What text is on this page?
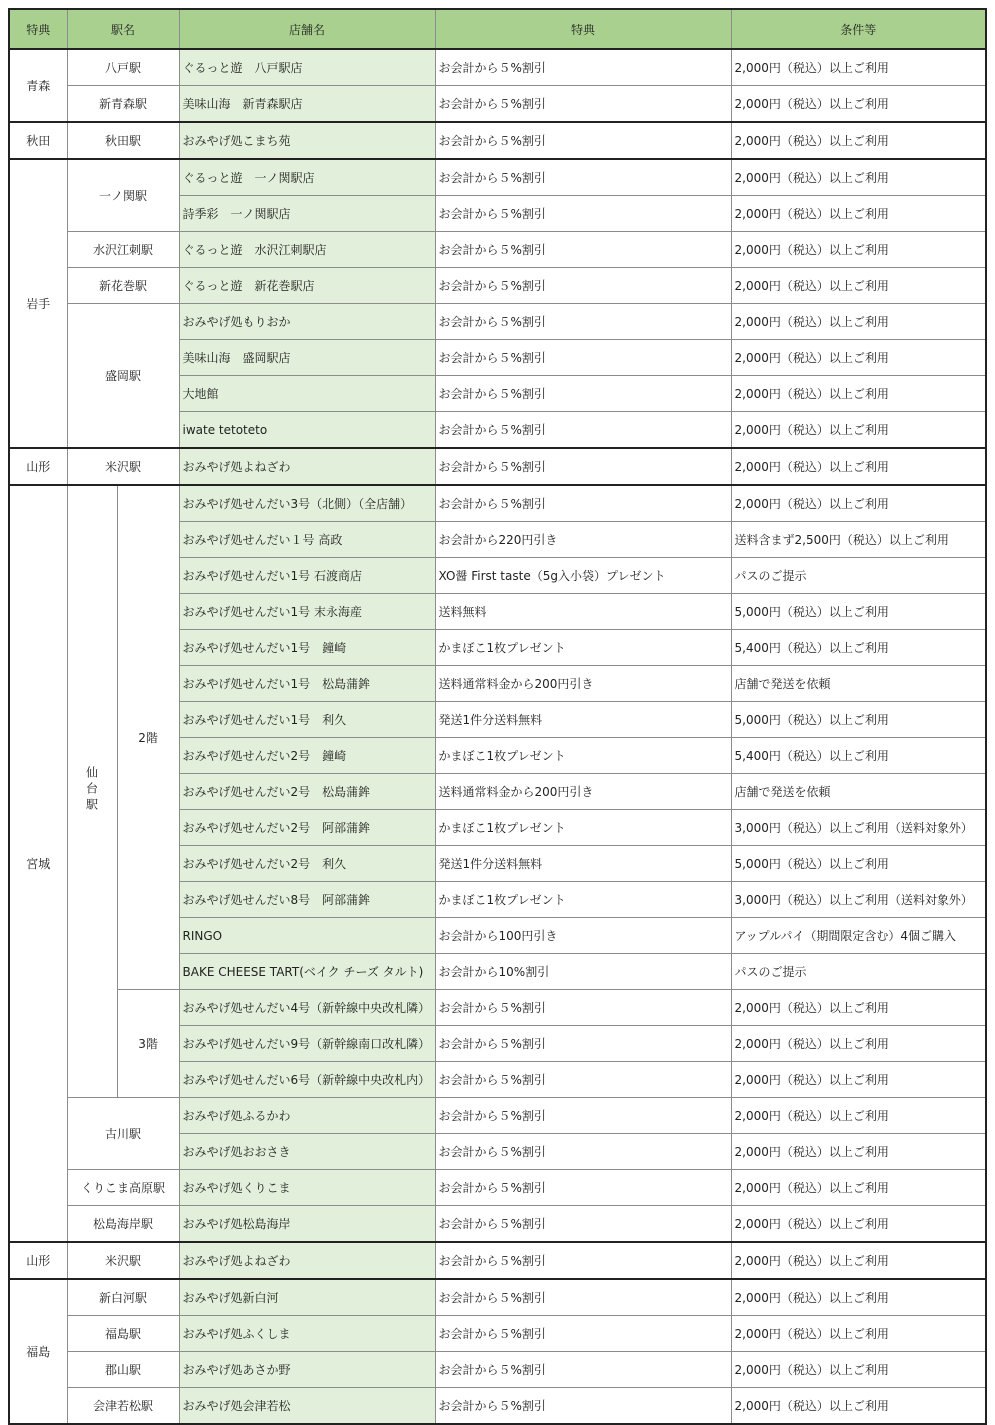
特典	駅名		店舗名	特典	条件等
青森	八戸駅		ぐるっと遊　八戸駅店	お会計から５%割引	2,000円（税込）以上ご利用
	新青森駅		美味山海　新青森駅店	お会計から５%割引	2,000円（税込）以上ご利用
秋田	秋田駅		おみやげ処こまち苑	お会計から５%割引	2,000円（税込）以上ご利用
岩手	一ノ関駅		ぐるっと遊　一ノ関駅店	お会計から５%割引	2,000円（税込）以上ご利用
			詩季彩　一ノ関駅店	お会計から５%割引	2,000円（税込）以上ご利用
	水沢江刺駅		ぐるっと遊　水沢江刺駅店	お会計から５%割引	2,000円（税込）以上ご利用
	新花巻駅		ぐるっと遊　新花巻駅店	お会計から５%割引	2,000円（税込）以上ご利用
	盛岡駅		おみやげ処もりおか	お会計から５%割引	2,000円（税込）以上ご利用
			美味山海　盛岡駅店	お会計から５%割引	2,000円（税込）以上ご利用
			大地館	お会計から５%割引	2,000円（税込）以上ご利用
			iwate tetoteto	お会計から５%割引	2,000円（税込）以上ご利用
山形	米沢駅		おみやげ処よねざわ	お会計から５%割引	2,000円（税込）以上ご利用
宮城	仙台駅	2階	おみやげ処せんだい3号（北側）（全店舗）	お会計から５%割引	2,000円（税込）以上ご利用
			おみやげ処せんだい１号 高政	お会計から220円引き	送料含まず2,500円（税込）以上ご利用
			おみやげ処せんだい1号 石渡商店	XO醤 First taste（5g入小袋）プレゼント	パスのご提示
			おみやげ処せんだい1号 末永海産	送料無料	5,000円（税込）以上ご利用
			おみやげ処せんだい1号　鐘崎	かまぼこ1枚プレゼント	5,400円（税込）以上ご利用
			おみやげ処せんだい1号　松島蒲鉾	送料通常料金から200円引き	店舗で発送を依頼
			おみやげ処せんだい1号　利久	発送1件分送料無料	5,000円（税込）以上ご利用
			おみやげ処せんだい2号　鐘崎	かまぼこ1枚プレゼント	5,400円（税込）以上ご利用
			おみやげ処せんだい2号　松島蒲鉾	送料通常料金から200円引き	店舗で発送を依頼
			おみやげ処せんだい2号　阿部蒲鉾	かまぼこ1枚プレゼント	3,000円（税込）以上ご利用（送料対象外）
			おみやげ処せんだい2号　利久	発送1件分送料無料	5,000円（税込）以上ご利用
			おみやげ処せんだい8号　阿部蒲鉾	かまぼこ1枚プレゼント	3,000円（税込）以上ご利用（送料対象外）
			RINGO	お会計から100円引き	アップルパイ（期間限定含む）4個ご購入
			BAKE CHEESE TART(ベイク チーズ タルト)	お会計から10%割引	パスのご提示
		3階	おみやげ処せんだい4号（新幹線中央改札隣）	お会計から５%割引	2,000円（税込）以上ご利用
			おみやげ処せんだい9号（新幹線南口改札隣）	お会計から５%割引	2,000円（税込）以上ご利用
			おみやげ処せんだい6号（新幹線中央改札内）	お会計から５%割引	2,000円（税込）以上ご利用
	古川駅		おみやげ処ふるかわ	お会計から５%割引	2,000円（税込）以上ご利用
			おみやげ処おおさき	お会計から５%割引	2,000円（税込）以上ご利用
	くりこま高原駅		おみやげ処くりこま	お会計から５%割引	2,000円（税込）以上ご利用
	松島海岸駅		おみやげ処松島海岸	お会計から５%割引	2,000円（税込）以上ご利用
山形	米沢駅		おみやげ処よねざわ	お会計から５%割引	2,000円（税込）以上ご利用
福島	新白河駅		おみやげ処新白河	お会計から５%割引	2,000円（税込）以上ご利用
	福島駅		おみやげ処ふくしま	お会計から５%割引	2,000円（税込）以上ご利用
	郡山駅		おみやげ処あさか野	お会計から５%割引	2,000円（税込）以上ご利用
	会津若松駅		おみやげ処会津若松	お会計から５%割引	2,000円（税込）以上ご利用
